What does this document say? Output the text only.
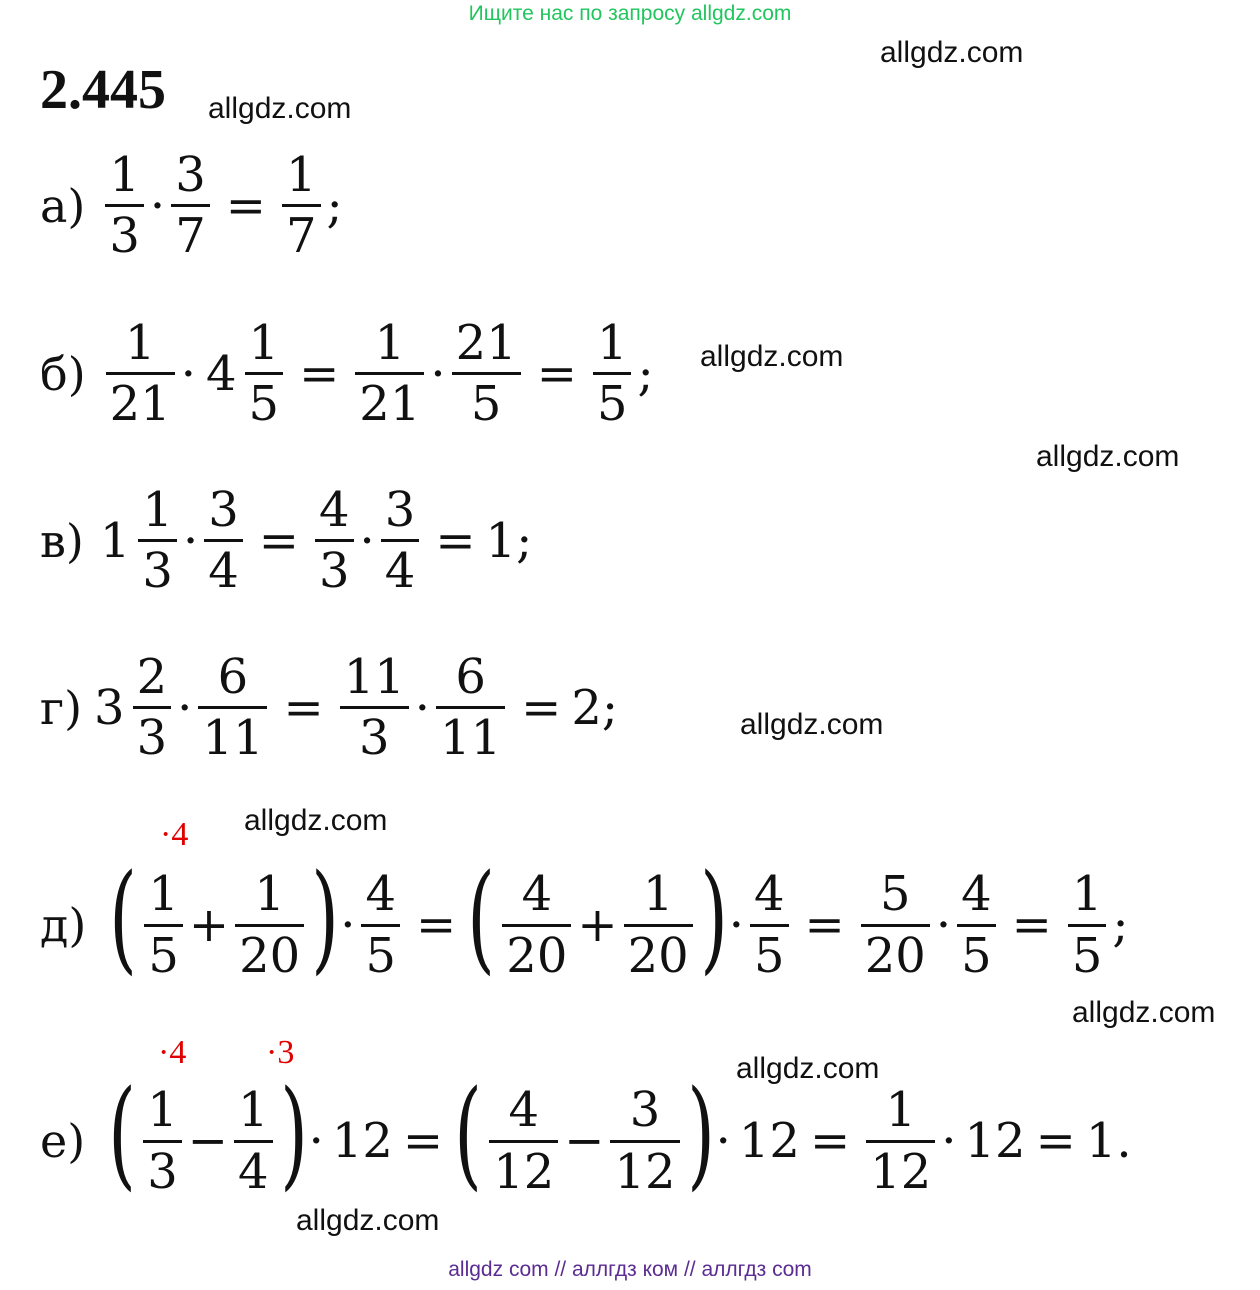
Ищите нас по запросу allgdz.com
allgdz com // аллгдз ком // аллгдз com
allgdz.com
allgdz.com
allgdz.com
allgdz.com
allgdz.com
allgdz.com
allgdz.com
allgdz.com
allgdz.com
2.445
$а) \frac{1}{3} \cdot \frac{3}{7} = \frac{1}{7}$ ;
$б) \frac{1}{21} \cdot 4 \frac{1}{5} = \frac{1}{21} \cdot \frac{21}{5} = \frac{1}{5}$ ;
в) $1 \frac{1}{3} \cdot \frac{3}{4} = \frac{4}{3} \cdot \frac{3}{4} = 1$;
г) $3 \frac{2}{3} \cdot \frac{6}{11} = \frac{11}{3} \cdot \frac{6}{11} = 2$;
·4
д) ( $\frac{1}{5} + \frac{1}{20}$ ) · $\frac{4}{5}$ = ( $\frac{4}{20} + \frac{1}{20}$ ) · $\frac{4}{5} = \frac{5}{20} \cdot \frac{4}{5} = \frac{1}{5}$ ;
·4 ·3
е) ( $\frac{1}{3} - \frac{1}{4}$ ) · 12 = ( $\frac{4}{12} - \frac{3}{12}$ ) · $12 = \frac{1}{12} \cdot 12 = 1$.
